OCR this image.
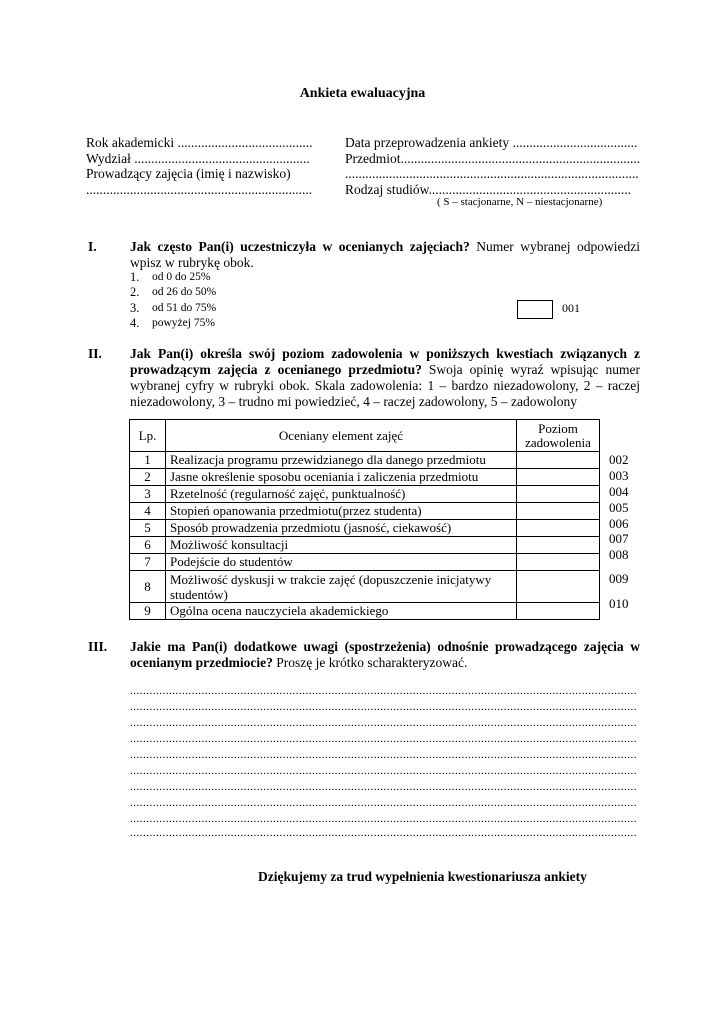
Ankieta ewaluacyjna
Rok akademicki ........................................
Wydział ....................................................
Prowadzący zajęcia (imię i nazwisko)
...................................................................
Data przeprowadzenia ankiety .....................................
Przedmiot.......................................................................
.......................................................................................
Rodzaj studiów............................................................
( S – stacjonarne, N – niestacjonarne)
I. Jak często Pan(i) uczestniczyła w ocenianych zajęciach? Numer wybranej odpowiedzi wpisz w rubrykę obok.
1. od 0 do 25%
2. od 26 do 50%
3. od 51 do 75%
4. powyżej 75%
001
II. Jak Pan(i) określa swój poziom zadowolenia w poniższych kwestiach związanych z prowadzącym zajęcia z ocenianego przedmiotu? Swoja opinię wyraź wpisując numer wybranej cyfry w rubryki obok. Skala zadowolenia: 1 – bardzo niezadowolony, 2 – raczej niezadowolony, 3 – trudno mi powiedzieć, 4 – raczej zadowolony, 5 – zadowolony
Lp.	Oceniany element zajęć	Poziom zadowolenia
1	Realizacja programu przewidzianego dla danego przedmiotu	
2	Jasne określenie sposobu oceniania i zaliczenia przedmiotu	
3	Rzetelność (regularność zajęć, punktualność)	
4	Stopień opanowania przedmiotu(przez studenta)	
5	Sposób prowadzenia przedmiotu (jasność, ciekawość)	
6	Możliwość konsultacji	
7	Podejście do studentów	
8	Możliwość dyskusji w trakcie zajęć (dopuszczenie inicjatywy studentów)	
9	Ogólna ocena nauczyciela akademickiego	
002
003
004
005
006
007
008
009
010
III. Jakie ma Pan(i) dodatkowe uwagi (spostrzeżenia) odnośnie prowadzącego zajęcia w ocenianym przedmiocie? Proszę je krótko scharakteryzować.
............................................................................................................................................................
............................................................................................................................................................
............................................................................................................................................................
............................................................................................................................................................
............................................................................................................................................................
............................................................................................................................................................
............................................................................................................................................................
............................................................................................................................................................
............................................................................................................................................................
............................................................................................................................................................
Dziękujemy za trud wypełnienia kwestionariusza ankiety
